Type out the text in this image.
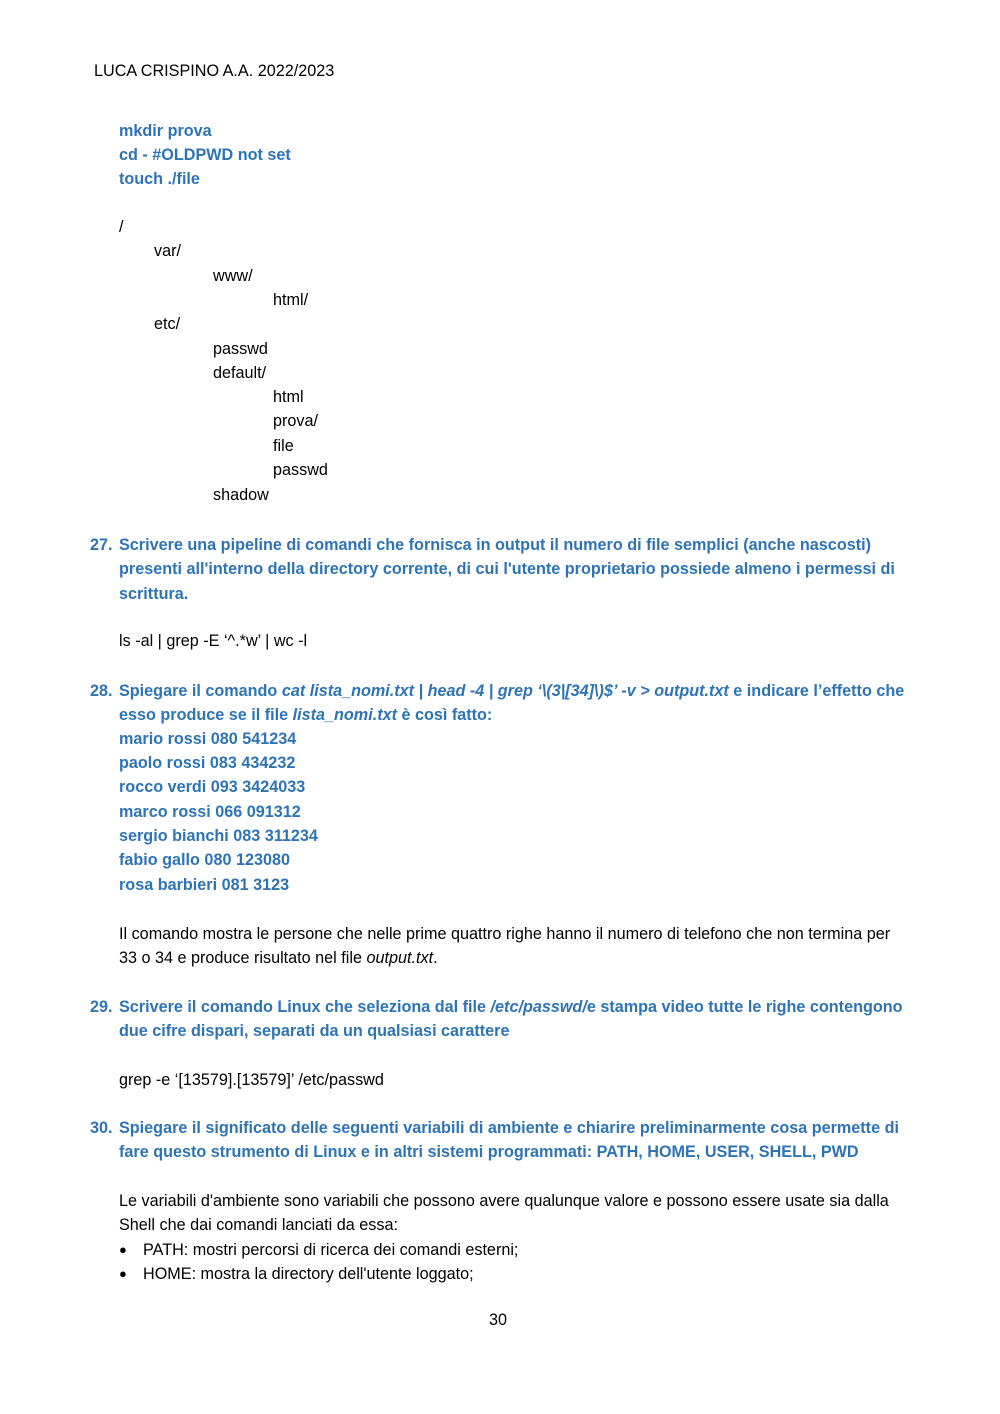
LUCA CRISPINO A.A. 2022/2023
mkdir prova
cd - #OLDPWD not set
touch ./file
/
var/
www/
html/
etc/
passwd
default/
html
prova/
file
passwd
shadow
27. Scrivere una pipeline di comandi che fornisca in output il numero di file semplici (anche nascosti) presenti all'interno della directory corrente, di cui l'utente proprietario possiede almeno i permessi di scrittura.
ls -al | grep -E ‘^.*w’ | wc -l
28. Spiegare il comando cat lista_nomi.txt | head -4 | grep ‘\(3|[34]\)$’ -v > output.txt e indicare l’effetto che esso produce se il file lista_nomi.txt è così fatto:
mario rossi 080 541234
paolo rossi 083 434232
rocco verdi 093 3424033
marco rossi 066 091312
sergio bianchi 083 311234
fabio gallo 080 123080
rosa barbieri 081 3123
Il comando mostra le persone che nelle prime quattro righe hanno il numero di telefono che non termina per 33 o 34 e produce risultato nel file output.txt.
29. Scrivere il comando Linux che seleziona dal file /etc/passwd/e stampa video tutte le righe contengono due cifre dispari, separati da un qualsiasi carattere
grep -e ‘[13579].[13579]’ /etc/passwd
30. Spiegare il significato delle seguenti variabili di ambiente e chiarire preliminarmente cosa permette di fare questo strumento di Linux e in altri sistemi programmati: PATH, HOME, USER, SHELL, PWD
Le variabili d'ambiente sono variabili che possono avere qualunque valore e possono essere usate sia dalla Shell che dai comandi lanciati da essa:
● PATH: mostri percorsi di ricerca dei comandi esterni;
● HOME: mostra la directory dell'utente loggato;
30
